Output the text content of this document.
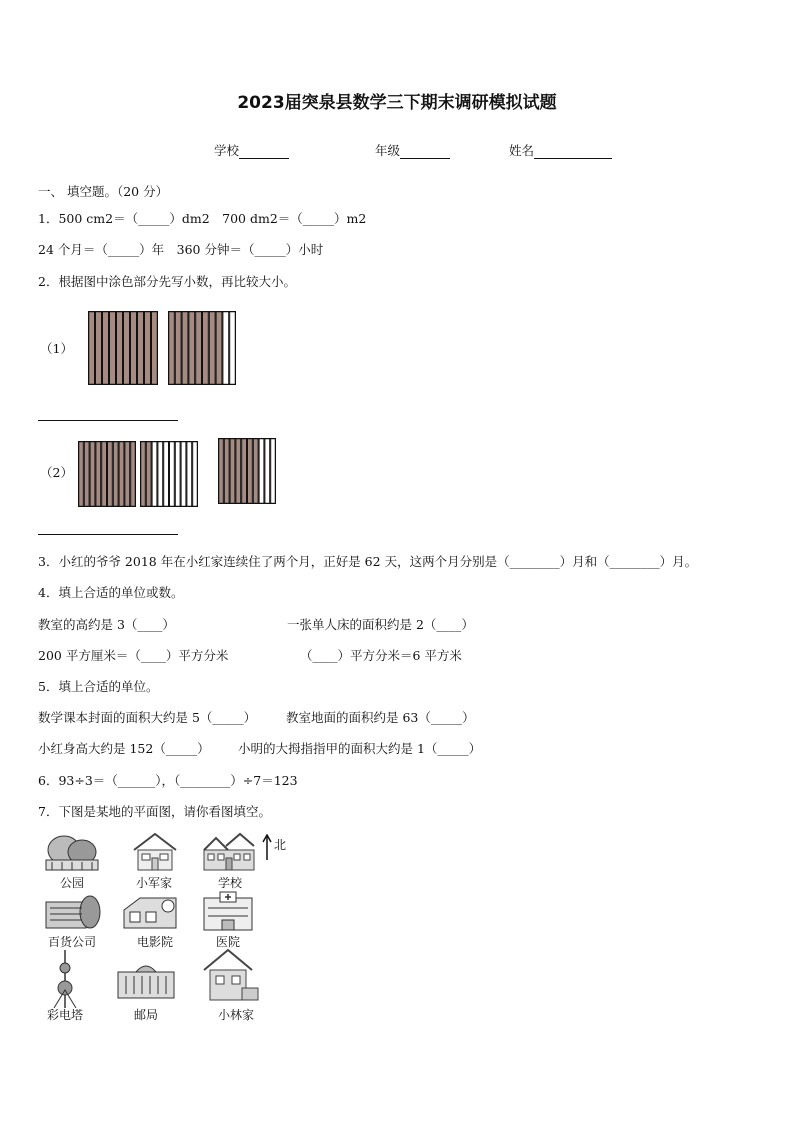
2023届突泉县数学三下期末调研模拟试题
学校	年级	姓名
一、 填空题。（20 分）
1．500 cm2＝（_____）dm2　700 dm2＝（_____）m2
24 个月＝（_____）年　360 分钟＝（_____）小时
2．根据图中涂色部分先写小数，再比较大小。
（1）
（2）
3．小红的爷爷 2018 年在小红家连续住了两个月，正好是 62 天，这两个月分别是（________）月和（________）月。
4．填上合适的单位或数。
教室的高约是 3（____）	一张单人床的面积约是 2（____）
200 平方厘米＝（____）平方分米	（____）平方分米＝6 平方米
5．填上合适的单位。
数学课本封面的面积大约是 5（_____） 教室地面的面积约是 63（_____）
小红身高大约是 152（_____） 小明的大拇指指甲的面积大约是 1（_____）
6．93÷3＝（______），（________）÷7＝123
7．下图是某地的平面图，请你看图填空。
公园	小军家	学校
北
百货公司	电影院	医院
彩电塔	邮局	小林家
